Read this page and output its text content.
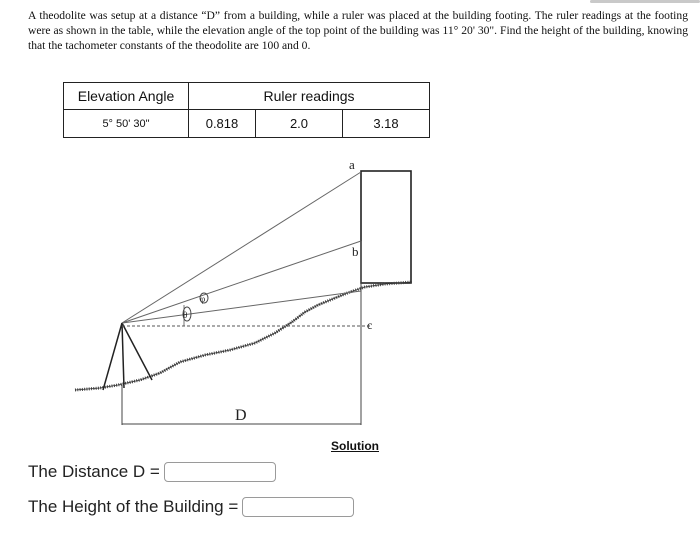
A theodolite was setup at a distance “D” from a building, while a ruler was placed at the building footing. The ruler readings at the footing were as shown in the table, while the elevation angle of the top point of the building was 11° 20' 30". Find the height of the building, knowing that the tachometer constants of the theodolite are 100 and 0.
Elevation Angle	Ruler readings		
5° 50' 30"	0.818	2.0	3.18
θ
φ
a
b
c
D
Solution
The Distance D =
The Height of the Building =
